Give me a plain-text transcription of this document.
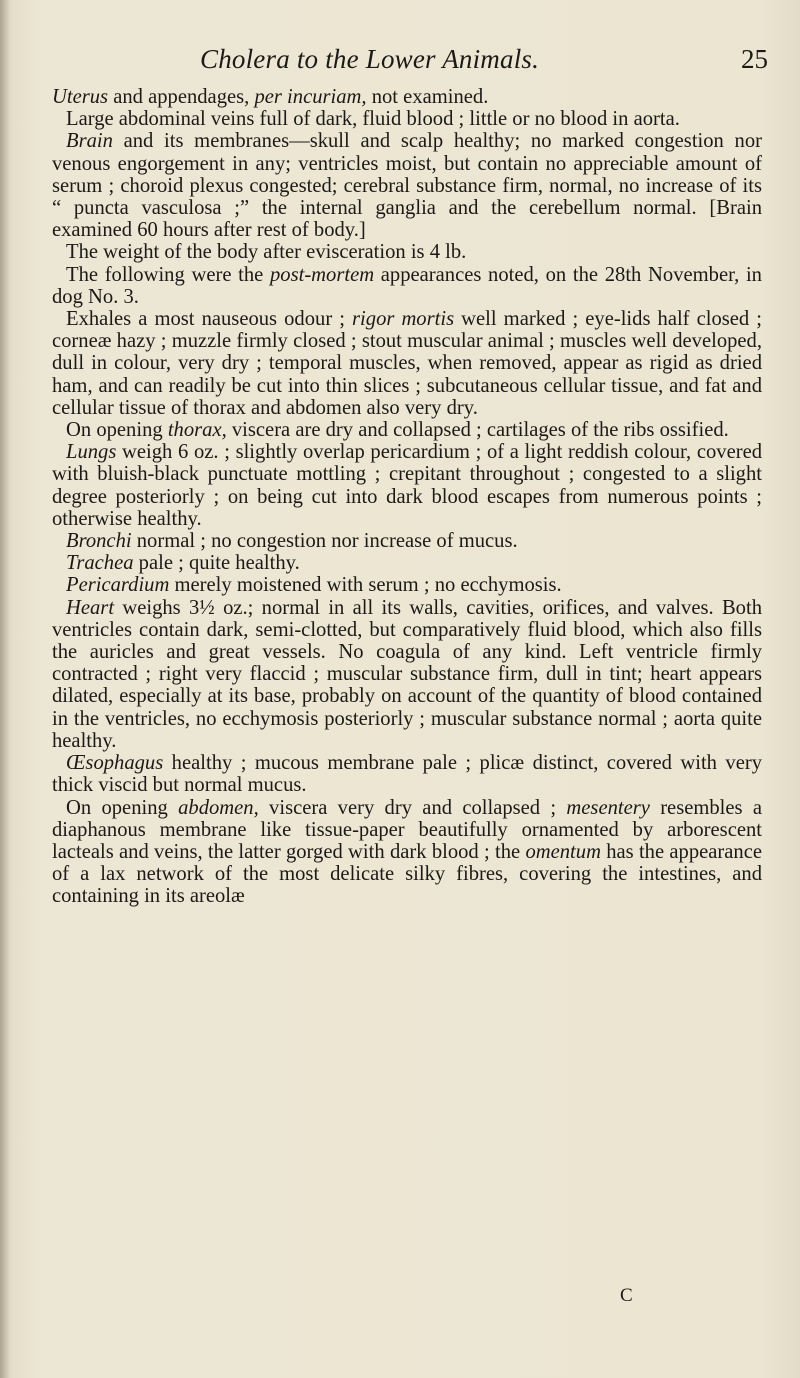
Cholera to the Lower Animals.	25

Uterus and appendages, per incuriam, not examined.

Large abdominal veins full of dark, fluid blood ; little or no blood in aorta.

Brain and its membranes—skull and scalp healthy; no marked congestion nor venous engorgement in any; ventricles moist, but contain no appreciable amount of serum ; choroid plexus congested; cerebral substance firm, normal, no increase of its “ puncta vasculosa ;” the internal ganglia and the cerebellum normal. [Brain examined 60 hours after rest of body.]

The weight of the body after evisceration is 4 lb.

The following were the post-mortem appearances noted, on the 28th November, in dog No. 3.

Exhales a most nauseous odour ; rigor mortis well marked ; eye-lids half closed ; corneæ hazy ; muzzle firmly closed ; stout muscular animal ; muscles well developed, dull in colour, very dry ; temporal muscles, when removed, appear as rigid as dried ham, and can readily be cut into thin slices ; subcutaneous cellular tissue, and fat and cellular tissue of thorax and abdomen also very dry.

On opening thorax, viscera are dry and collapsed ; cartilages of the ribs ossified.

Lungs weigh 6 oz. ; slightly overlap pericardium ; of a light reddish colour, covered with bluish-black punctuate mottling ; crepitant throughout ; congested to a slight degree posteriorly ; on being cut into dark blood escapes from numerous points ; otherwise healthy.

Bronchi normal ; no congestion nor increase of mucus.

Trachea pale ; quite healthy.

Pericardium merely moistened with serum ; no ecchymosis.

Heart weighs 3½ oz.; normal in all its walls, cavities, orifices, and valves. Both ventricles contain dark, semi-clotted, but comparatively fluid blood, which also fills the auricles and great vessels. No coagula of any kind. Left ventricle firmly contracted ; right very flaccid ; muscular substance firm, dull in tint; heart appears dilated, especially at its base, probably on account of the quantity of blood contained in the ventricles, no ecchymosis posteriorly ; muscular substance normal ; aorta quite healthy.

Œsophagus healthy ; mucous membrane pale ; plicæ distinct, covered with very thick viscid but normal mucus.

On opening abdomen, viscera very dry and collapsed ; mesentery resembles a diaphanous membrane like tissue-paper beautifully ornamented by arborescent lacteals and veins, the latter gorged with dark blood ; the omentum has the appearance of a lax network of the most delicate silky fibres, covering the intestines, and containing in its areolæ

C
